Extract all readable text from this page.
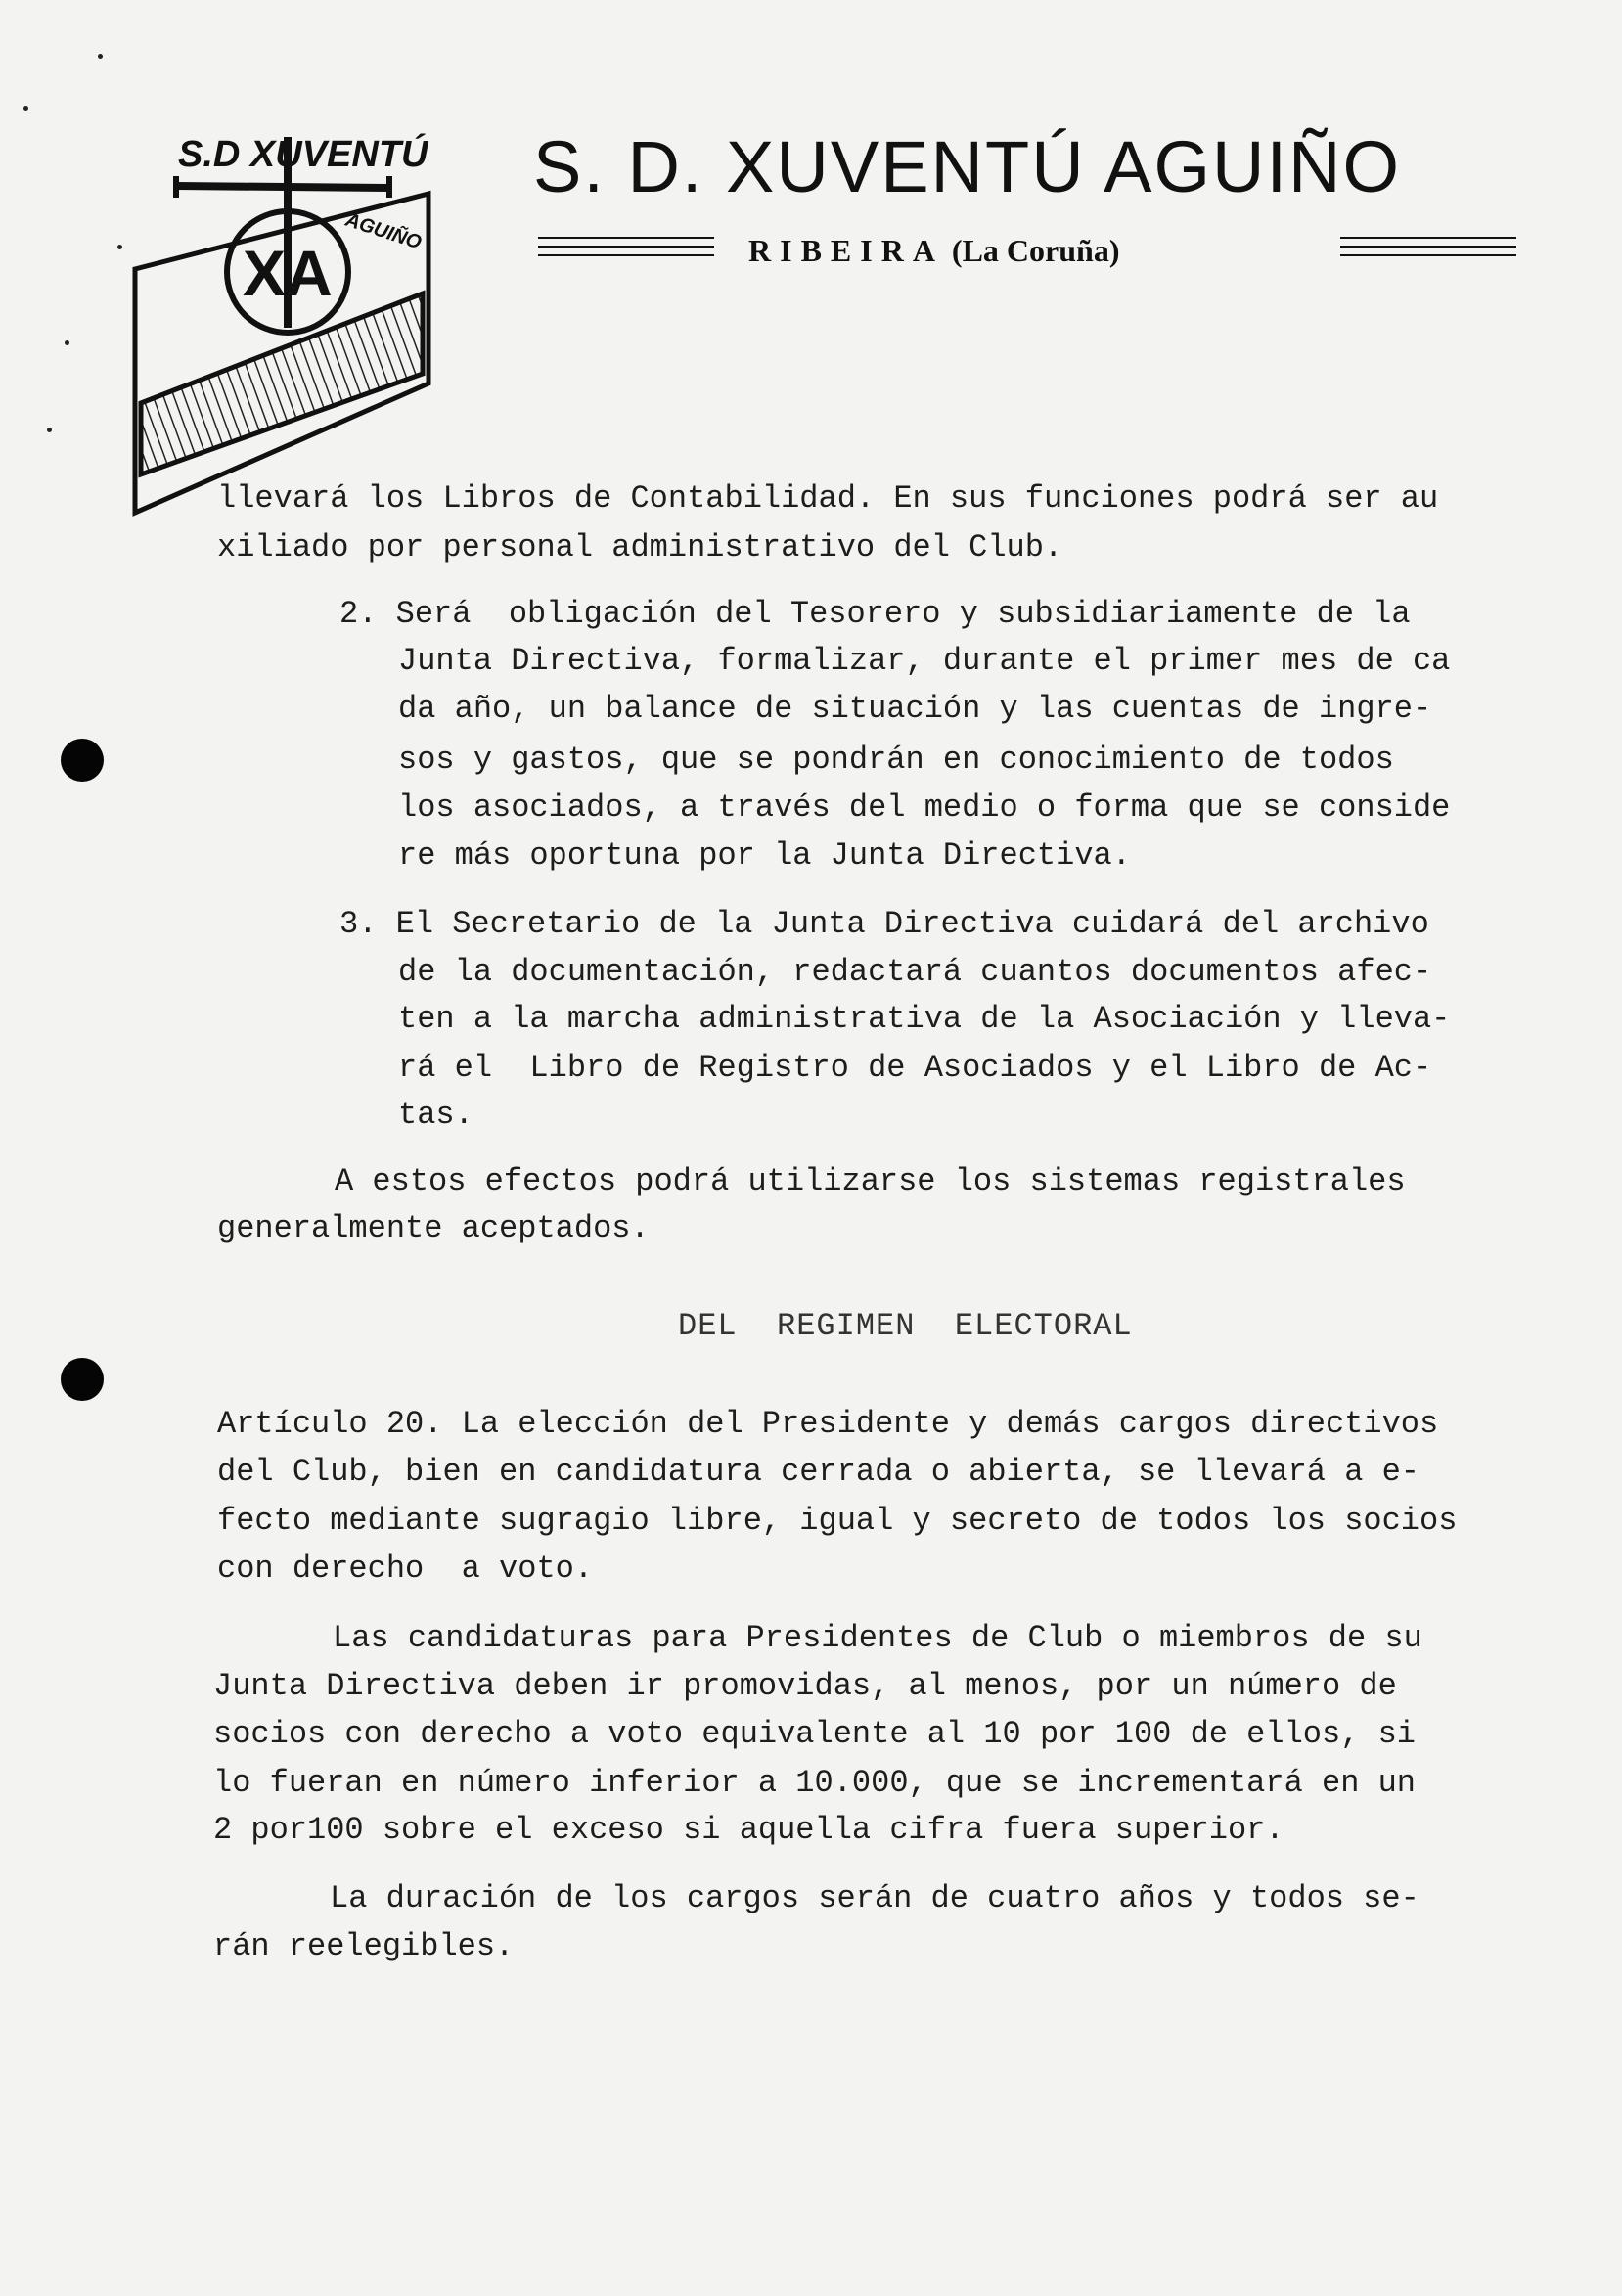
XA
S.D XUVENTÚ
AGUIÑO
S. D. XUVENTÚ AGUIÑO
RIBEIRA (La Coruña)
llevará los Libros de Contabilidad. En sus funciones podrá ser au
xiliado por personal administrativo del Club.
2. Será  obligación del Tesorero y subsidiariamente de la
Junta Directiva, formalizar, durante el primer mes de ca
da año, un balance de situación y las cuentas de ingre-
sos y gastos, que se pondrán en conocimiento de todos
los asociados, a través del medio o forma que se conside
re más oportuna por la Junta Directiva.
3. El Secretario de la Junta Directiva cuidará del archivo
de la documentación, redactará cuantos documentos afec-
ten a la marcha administrativa de la Asociación y lleva-
rá el  Libro de Registro de Asociados y el Libro de Ac-
tas.
A estos efectos podrá utilizarse los sistemas registrales
generalmente aceptados.
DEL  REGIMEN  ELECTORAL
Artículo 20. La elección del Presidente y demás cargos directivos
del Club, bien en candidatura cerrada o abierta, se llevará a e-
fecto mediante sugragio libre, igual y secreto de todos los socios
con derecho  a voto.
Las candidaturas para Presidentes de Club o miembros de su
Junta Directiva deben ir promovidas, al menos, por un número de
socios con derecho a voto equivalente al 10 por 100 de ellos, si
lo fueran en número inferior a 10.000, que se incrementará en un
2 por100 sobre el exceso si aquella cifra fuera superior.
La duración de los cargos serán de cuatro años y todos se-
rán reelegibles.
